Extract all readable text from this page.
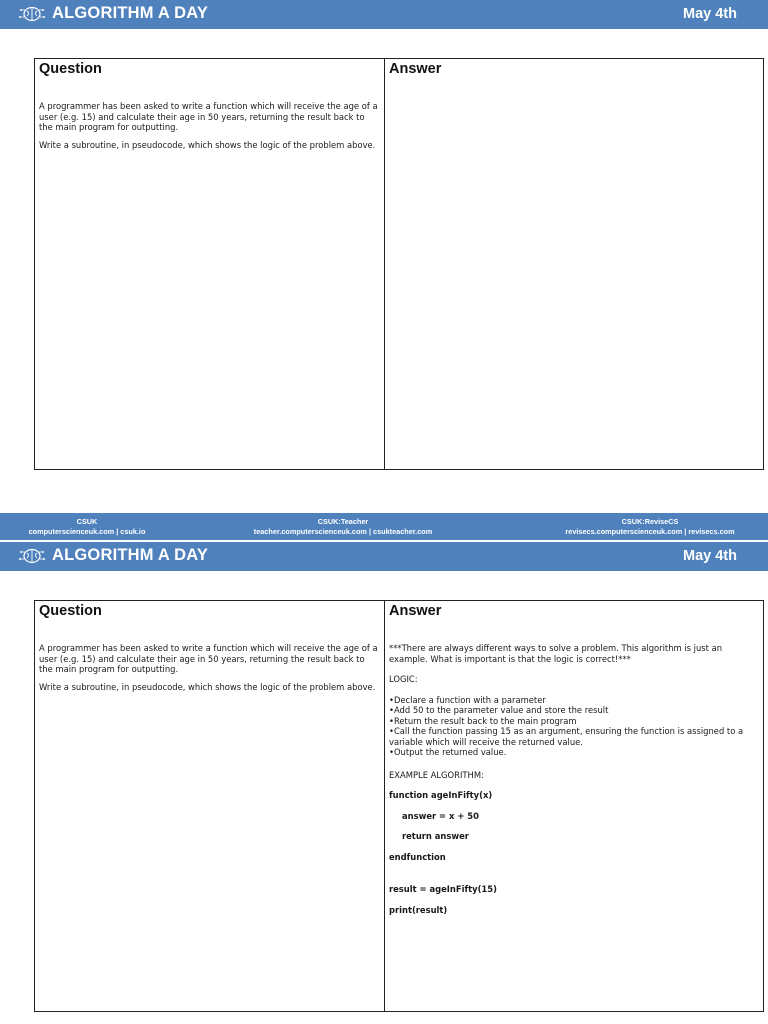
ALGORITHM A DAY	May 4th
Question

A programmer has been asked to write a function which will receive the age of a user (e.g. 15) and calculate their age in 50 years, returning the result back to the main program for outputting.

Write a subroutine, in pseudocode, which shows the logic of the problem above.

Answer
CSUK
computerscienceuk.com | csuk.io
CSUK:Teacher
teacher.computerscienceuk.com | csukteacher.com
CSUK:ReviseCS
revisecs.computerscienceuk.com | revisecs.com
ALGORITHM A DAY	May 4th
Question

A programmer has been asked to write a function which will receive the age of a user (e.g. 15) and calculate their age in 50 years, returning the result back to the main program for outputting.

Write a subroutine, in pseudocode, which shows the logic of the problem above.

Answer

***There are always different ways to solve a problem. This algorithm is just an example. What is important is that the logic is correct!***

LOGIC:

•Declare a function with a parameter

•Add 50 to the parameter value and store the result

•Return the result back to the main program

•Call the function passing 15 as an argument, ensuring the function is assigned to a variable which will receive the returned value.

•Output the returned value.

EXAMPLE ALGORITHM:

function ageInFifty(x)

answer = x + 50

return answer

endfunction

result = ageInFifty(15)

print(result)
